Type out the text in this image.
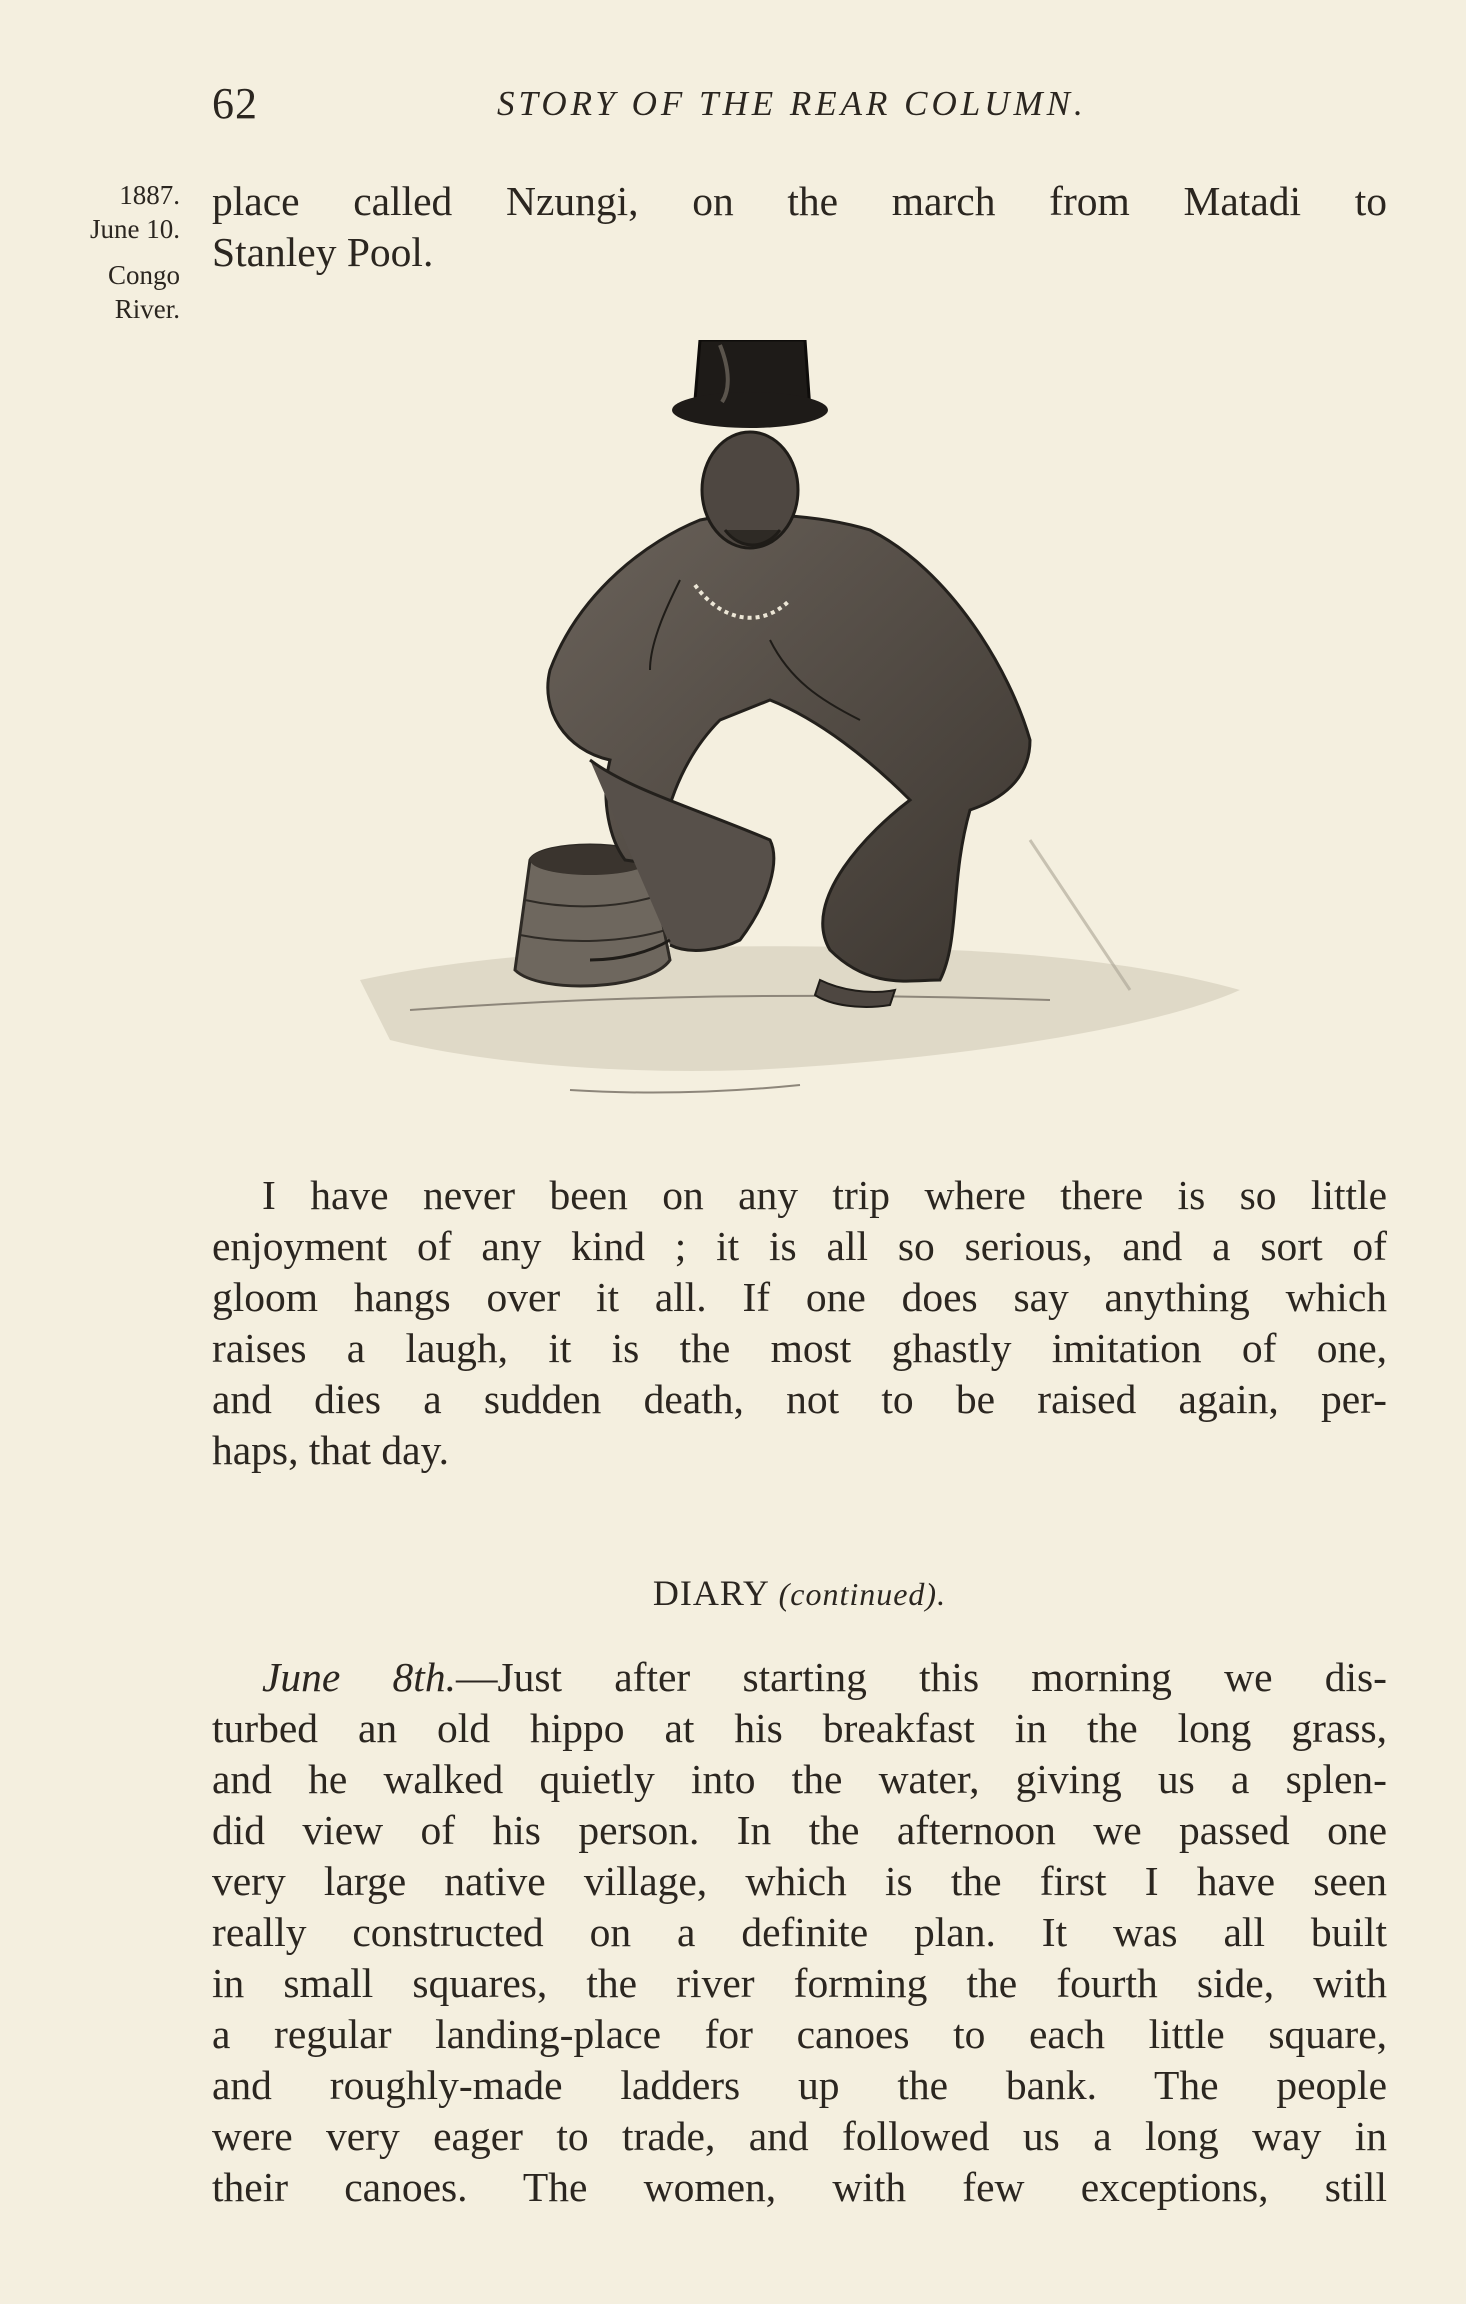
62	STORY OF THE REAR COLUMN.
1887.
June 10.
Congo
River.
place called Nzungi, on the march from Matadi to
Stanley Pool.
I have never been on any trip where there is so little
enjoyment of any kind ; it is all so serious, and a sort of
gloom hangs over it all. If one does say anything which
raises a laugh, it is the most ghastly imitation of one,
and dies a sudden death, not to be raised again, per-
haps, that day.
DIARY (continued).
June 8th.—Just after starting this morning we dis-
turbed an old hippo at his breakfast in the long grass,
and he walked quietly into the water, giving us a splen-
did view of his person. In the afternoon we passed one
very large native village, which is the first I have seen
really constructed on a definite plan. It was all built
in small squares, the river forming the fourth side, with
a regular landing-place for canoes to each little square,
and roughly-made ladders up the bank. The people
were very eager to trade, and followed us a long way in
their canoes. The women, with few exceptions, still
